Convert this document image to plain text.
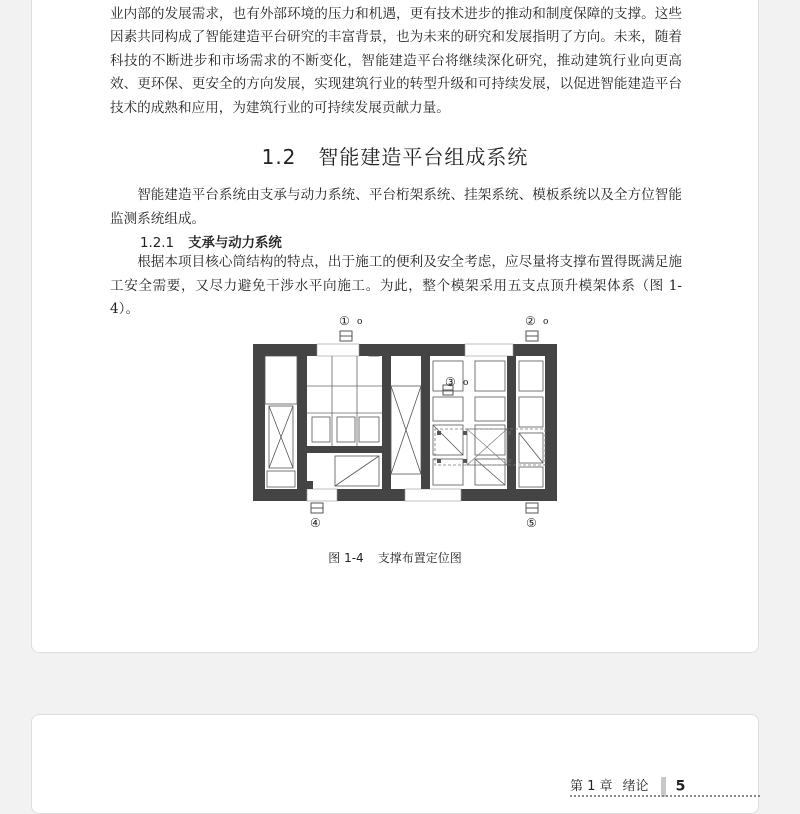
业内部的发展需求，也有外部环境的压力和机遇，更有技术进步的推动和制度保障的支撑。这些因素共同构成了智能建造平台研究的丰富背景，也为未来的研究和发展指明了方向。未来，随着科技的不断进步和市场需求的不断变化，智能建造平台将继续深化研究，推动建筑行业向更高效、更环保、更安全的方向发展，实现建筑行业的转型升级和可持续发展，以促进智能建造平台技术的成熟和应用，为建筑行业的可持续发展贡献力量。

1.2 智能建造平台组成系统

智能建造平台系统由支承与动力系统、平台桁架系统、挂架系统、模板系统以及全方位智能监测系统组成。

1.2.1 支承与动力系统

根据本项目核心筒结构的特点，出于施工的便利及安全考虑，应尽量将支撑布置得既满足施工安全需要，又尽力避免干涉水平向施工。为此，整个模架采用五支点顶升模架体系（图 1-4）。

① o	② o
③ o
④	⑤
图 1-4 支撑布置定位图
第 1 章 绪论 5
